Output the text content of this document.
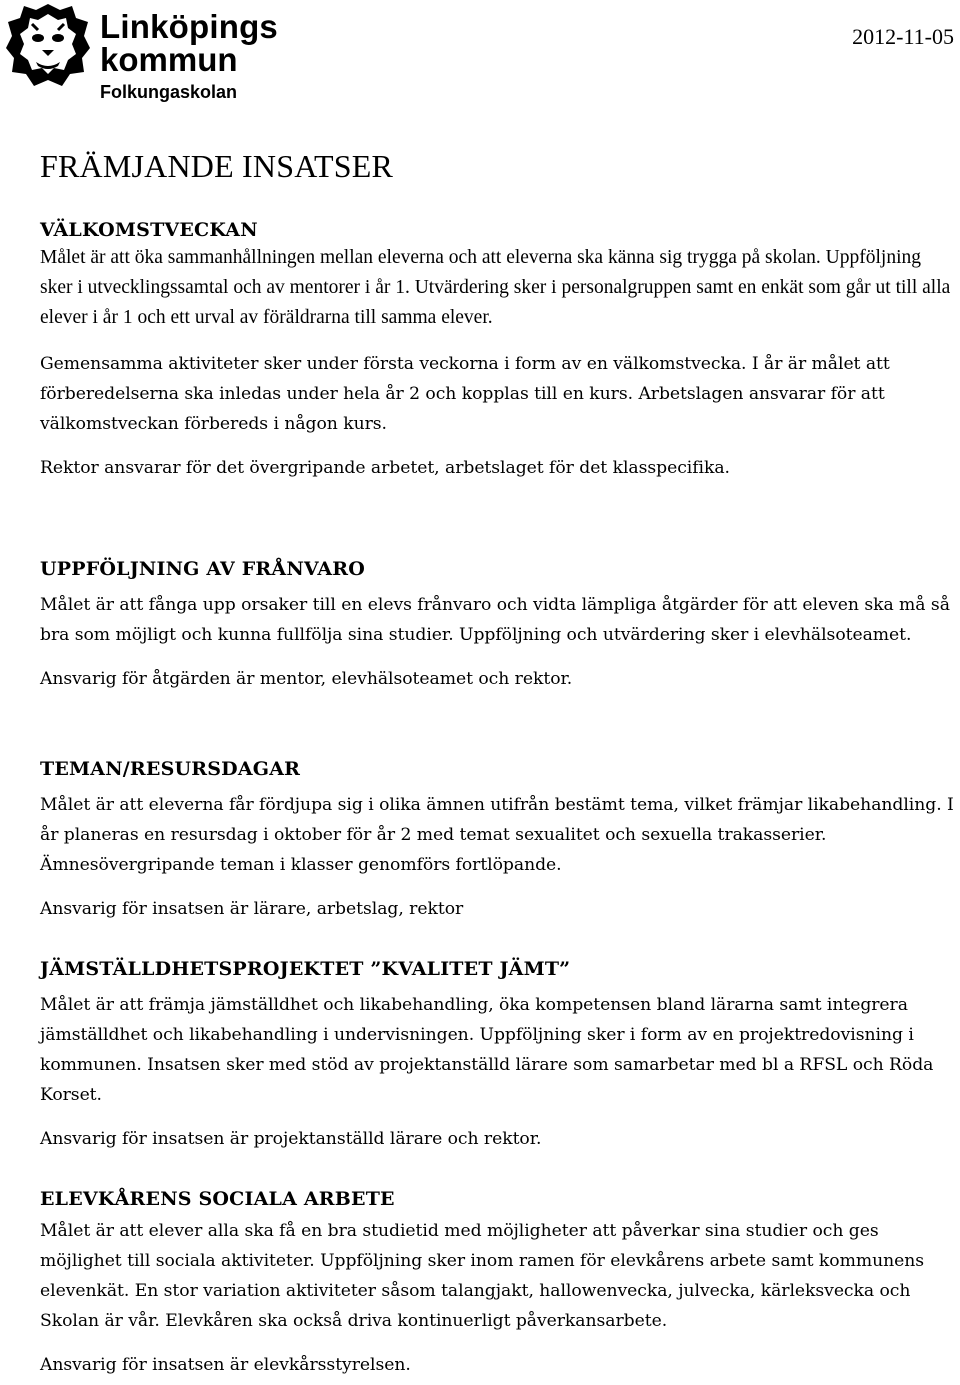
Linköpings
kommun
Folkungaskolan
2012-11-05
FRÄMJANDE INSATSER
VÄLKOMSTVECKAN

Målet är att öka sammanhållningen mellan eleverna och att eleverna ska känna sig trygga på skolan. Uppföljning sker i utvecklingssamtal och av mentorer i år 1. Utvärdering sker i personalgruppen samt en enkät som går ut till alla elever i år 1 och ett urval av föräldrarna till samma elever.

Gemensamma aktiviteter sker under första veckorna i form av en välkomstvecka. I år är målet att förberedelserna ska inledas under hela år 2 och kopplas till en kurs. Arbetslagen ansvarar för att välkomstveckan förbereds i någon kurs.

Rektor ansvarar för det övergripande arbetet, arbetslaget för det klasspecifika.

UPPFÖLJNING AV FRÅNVARO

Målet är att fånga upp orsaker till en elevs frånvaro och vidta lämpliga åtgärder för att eleven ska må så bra som möjligt och kunna fullfölja sina studier. Uppföljning och utvärdering sker i elevhälsoteamet.

Ansvarig för åtgärden är mentor, elevhälsoteamet och rektor.

TEMAN/RESURSDAGAR

Målet är att eleverna får fördjupa sig i olika ämnen utifrån bestämt tema, vilket främjar likabehandling. I år planeras en resursdag i oktober för år 2 med temat sexualitet och sexuella trakasserier. Ämnesövergripande teman i klasser genomförs fortlöpande.

Ansvarig för insatsen är lärare, arbetslag, rektor

JÄMSTÄLLDHETSPROJEKTET ”KVALITET JÄMT”

Målet är att främja jämställdhet och likabehandling, öka kompetensen bland lärarna samt integrera jämställdhet och likabehandling i undervisningen. Uppföljning sker i form av en projektredovisning i kommunen. Insatsen sker med stöd av projektanställd lärare som samarbetar med bl a RFSL och Röda Korset.

Ansvarig för insatsen är projektanställd lärare och rektor.

ELEVKÅRENS SOCIALA ARBETE

Målet är att elever alla ska få en bra studietid med möjligheter att påverkar sina studier och ges möjlighet till sociala aktiviteter. Uppföljning sker inom ramen för elevkårens arbete samt kommunens elevenkät. En stor variation aktiviteter såsom talangjakt, hallowenvecka, julvecka, kärleksvecka och Skolan är vår. Elevkåren ska också driva kontinuerligt påverkansarbete.

Ansvarig för insatsen är elevkårsstyrelsen.
